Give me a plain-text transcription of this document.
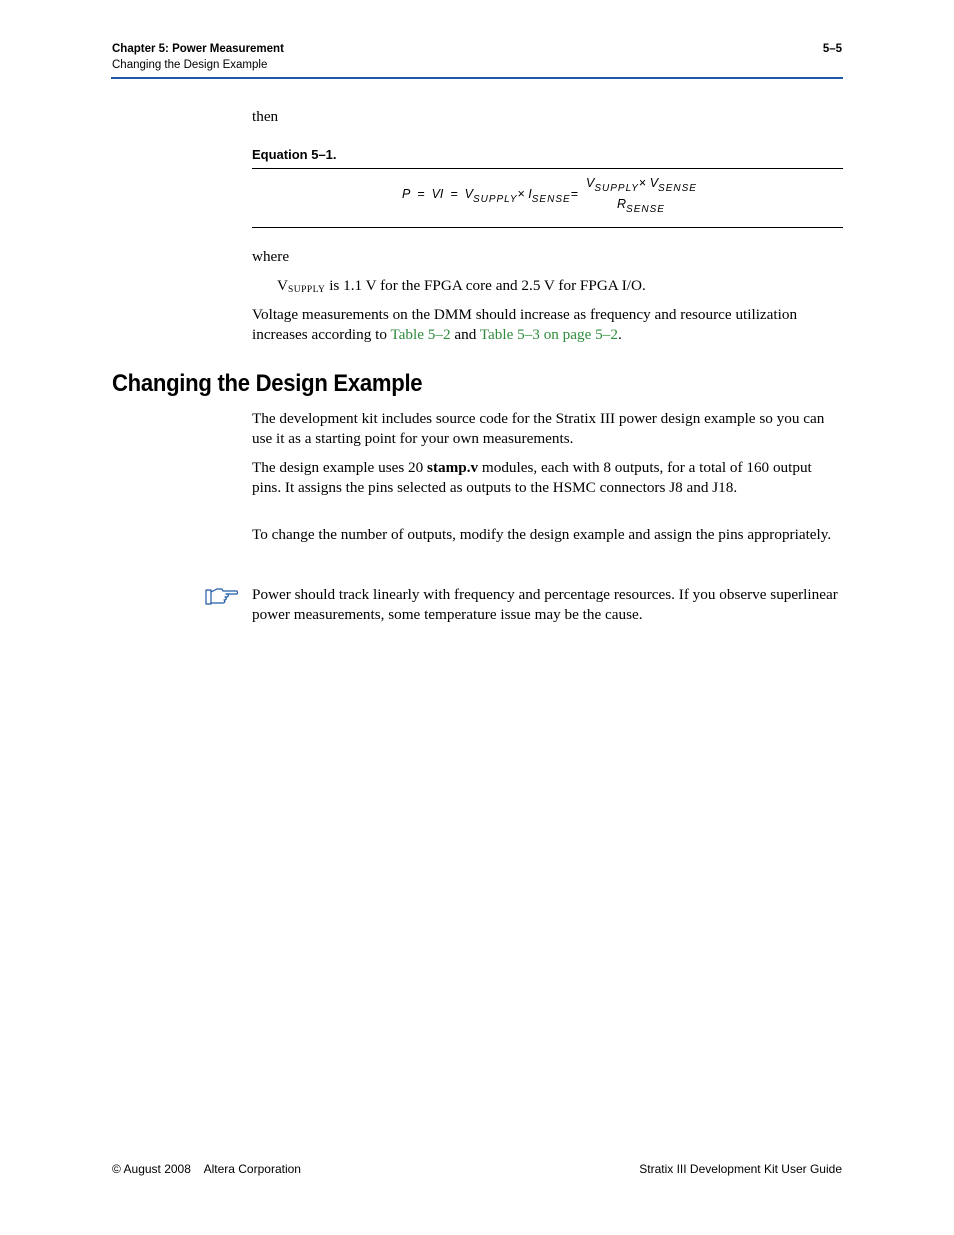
Chapter 5: Power Measurement	5–5
Changing the Design Example
then
Equation 5–1.
P = VI = $V_{SUPPLY}\times I_{SENSE}=$
$V_{SUPPLY}\times V_{SENSE}$
$R_{SENSE}$
where
VSUPPLY is 1.1 V for the FPGA core and 2.5 V for FPGA I/O.
Voltage measurements on the DMM should increase as frequency and resource utilization increases according to Table 5–2 and Table 5–3 on page 5–2.
Changing the Design Example
The development kit includes source code for the Stratix III power design example so you can use it as a starting point for your own measurements.
The design example uses 20 stamp.v modules, each with 8 outputs, for a total of 160 output pins. It assigns the pins selected as outputs to the HSMC connectors J8 and J18.
To change the number of outputs, modify the design example and assign the pins appropriately.
Power should track linearly with frequency and percentage resources. If you observe superlinear power measurements, some temperature issue may be the cause.
© August 2008    Altera Corporation	Stratix III Development Kit User Guide
